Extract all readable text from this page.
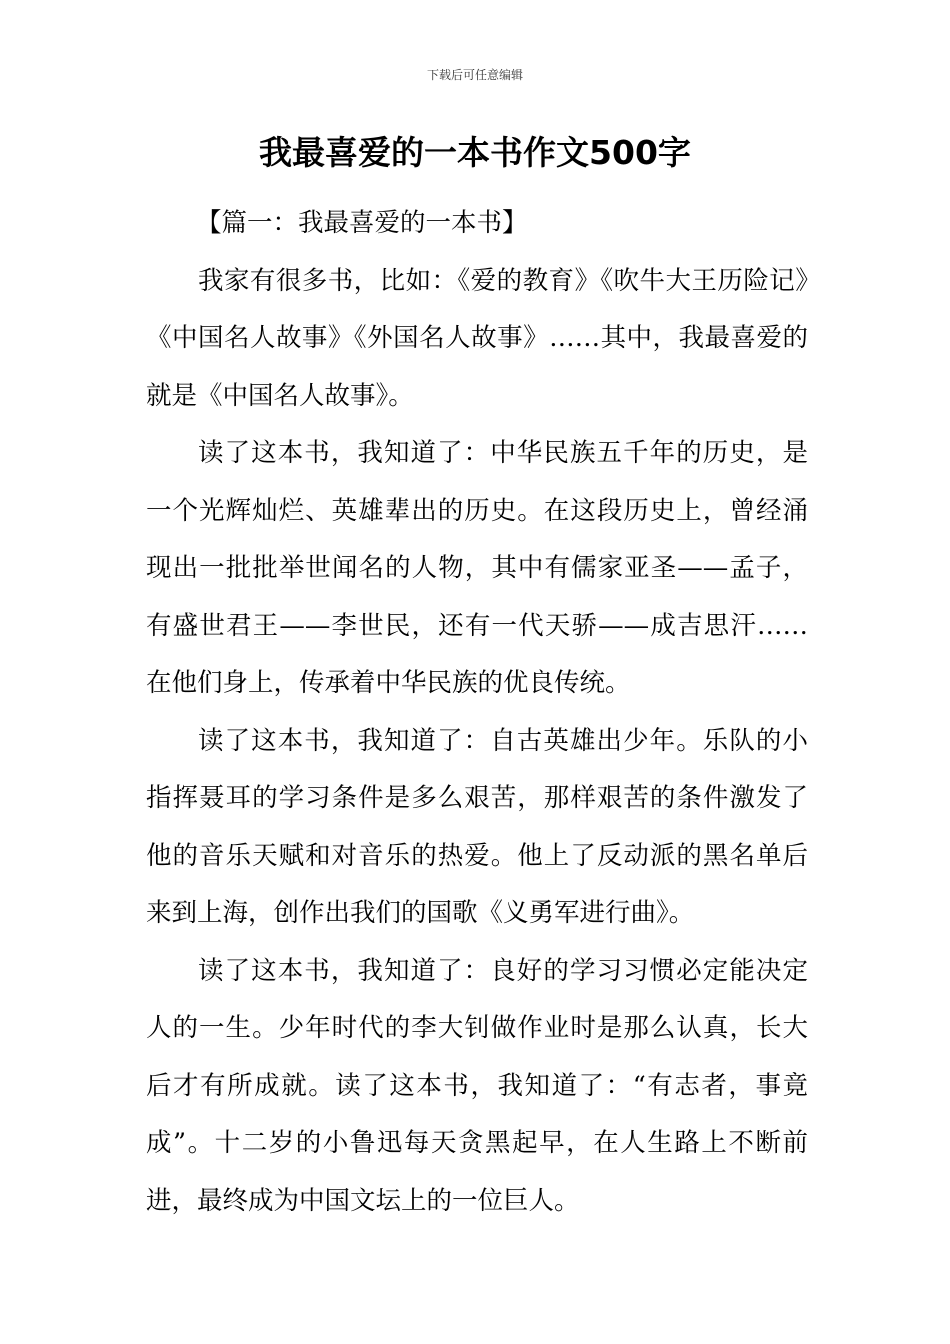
下载后可任意编辑
我最喜爱的一本书作文500字

【篇一：我最喜爱的一本书】

我家有很多书，比如：《爱的教育》《吹牛大王历险记》《中国名人故事》《外国名人故事》……其中，我最喜爱的就是《中国名人故事》。

读了这本书，我知道了：中华民族五千年的历史，是一个光辉灿烂、英雄辈出的历史。在这段历史上，曾经涌现出一批批举世闻名的人物，其中有儒家亚圣——孟子，有盛世君王——李世民，还有一代天骄——成吉思汗……在他们身上，传承着中华民族的优良传统。

读了这本书，我知道了：自古英雄出少年。乐队的小指挥聂耳的学习条件是多么艰苦，那样艰苦的条件激发了他的音乐天赋和对音乐的热爱。他上了反动派的黑名单后来到上海，创作出我们的国歌《义勇军进行曲》。

读了这本书，我知道了：良好的学习习惯必定能决定人的一生。少年时代的李大钊做作业时是那么认真，长大后才有所成就。读了这本书，我知道了：“有志者，事竟成”。十二岁的小鲁迅每天贪黑起早，在人生路上不断前进，最终成为中国文坛上的一位巨人。
